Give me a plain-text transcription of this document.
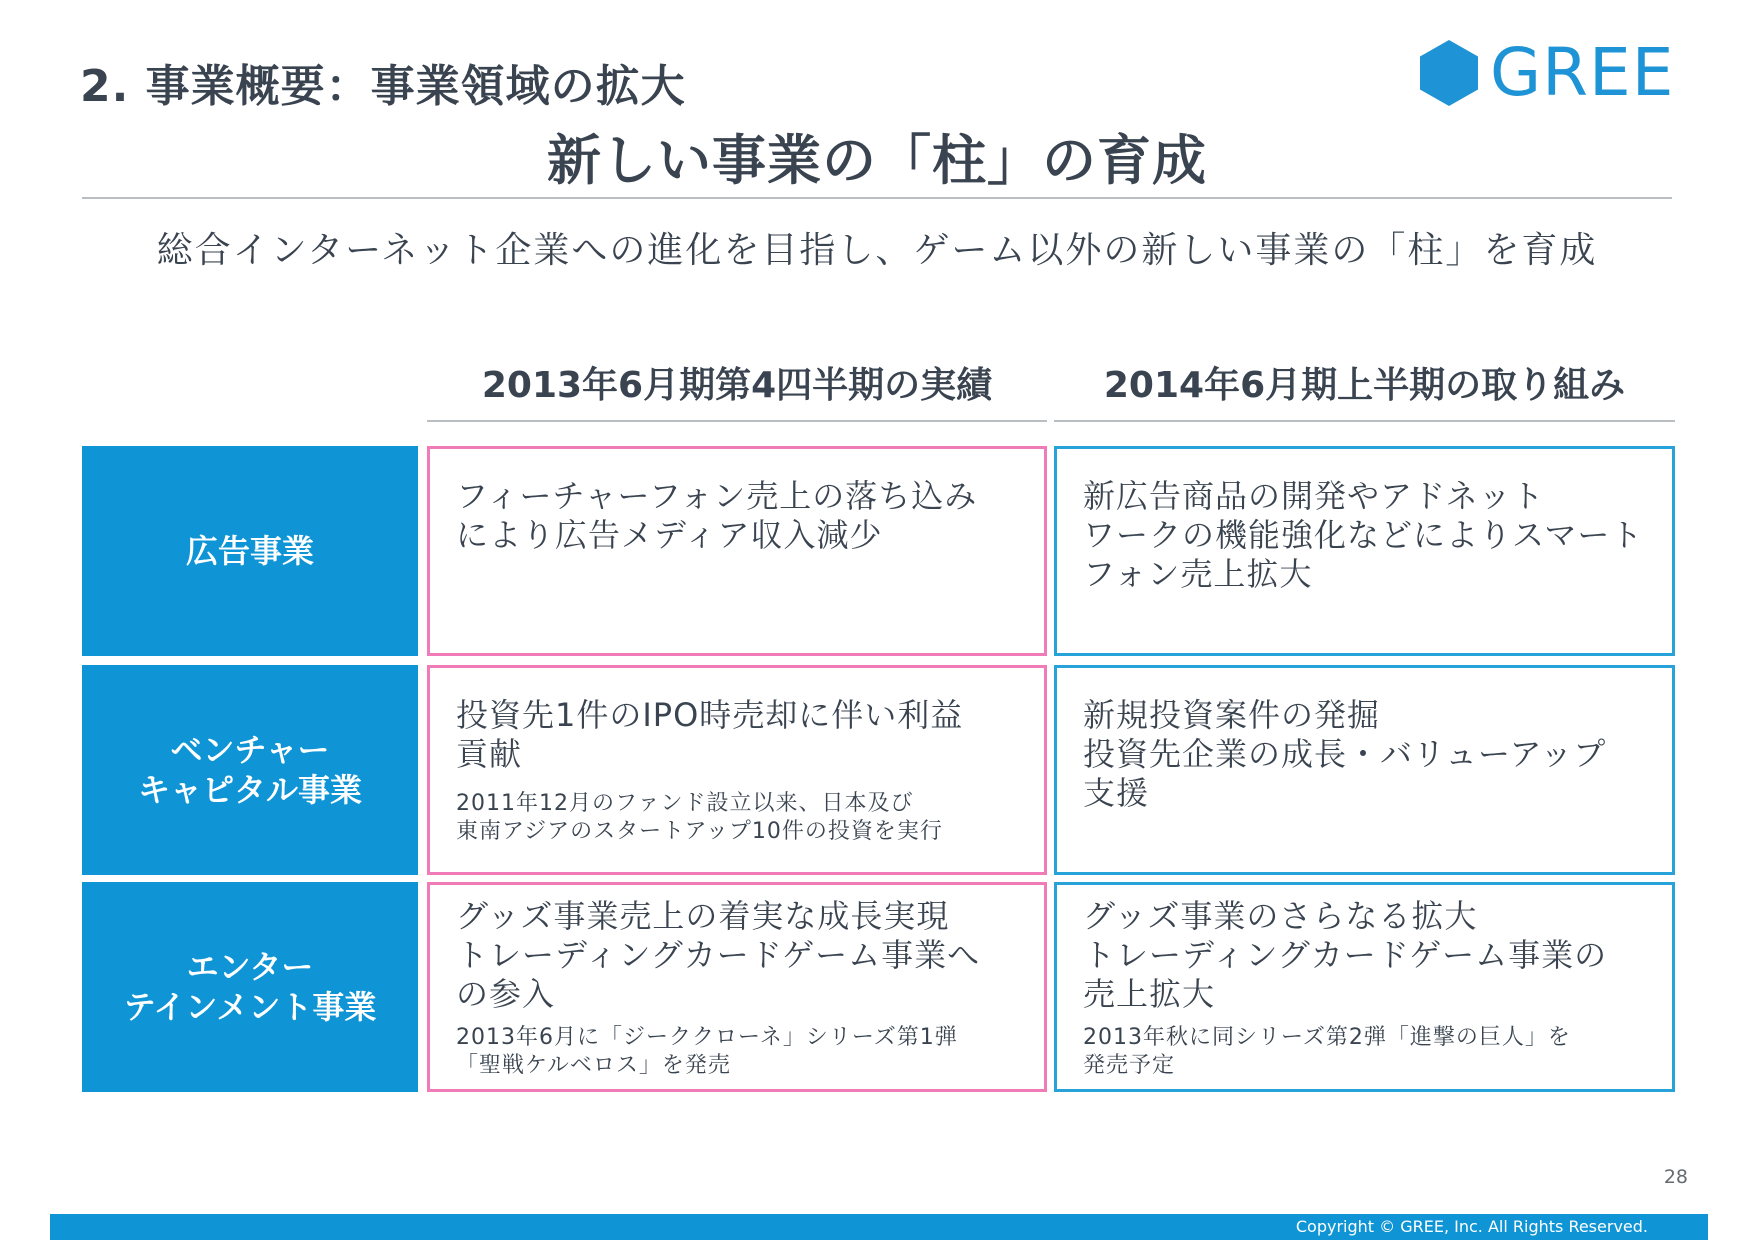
2. 事業概要：事業領域の拡大	GREE
新しい事業の「柱」の育成
総合インターネット企業への進化を目指し、ゲーム以外の新しい事業の「柱」を育成
2013年6月期第4四半期の実績	2014年6月期上半期の取り組み
広告事業
フィーチャーフォン売上の落ち込み
により広告メディア収入減少
新広告商品の開発やアドネット
ワークの機能強化などによりスマート
フォン売上拡大
ベンチャー
キャピタル事業
投資先1件のIPO時売却に伴い利益
貢献
2011年12月のファンド設立以来、日本及び
東南アジアのスタートアップ10件の投資を実行
新規投資案件の発掘
投資先企業の成長・バリューアップ
支援
エンター
テインメント事業
グッズ事業売上の着実な成長実現
トレーディングカードゲーム事業へ
の参入
2013年6月に「ジーククローネ」シリーズ第1弾
「聖戦ケルベロス」を発売
グッズ事業のさらなる拡大
トレーディングカードゲーム事業の
売上拡大
2013年秋に同シリーズ第2弾「進撃の巨人」を
発売予定
28
Copyright © GREE, Inc. All Rights Reserved.
